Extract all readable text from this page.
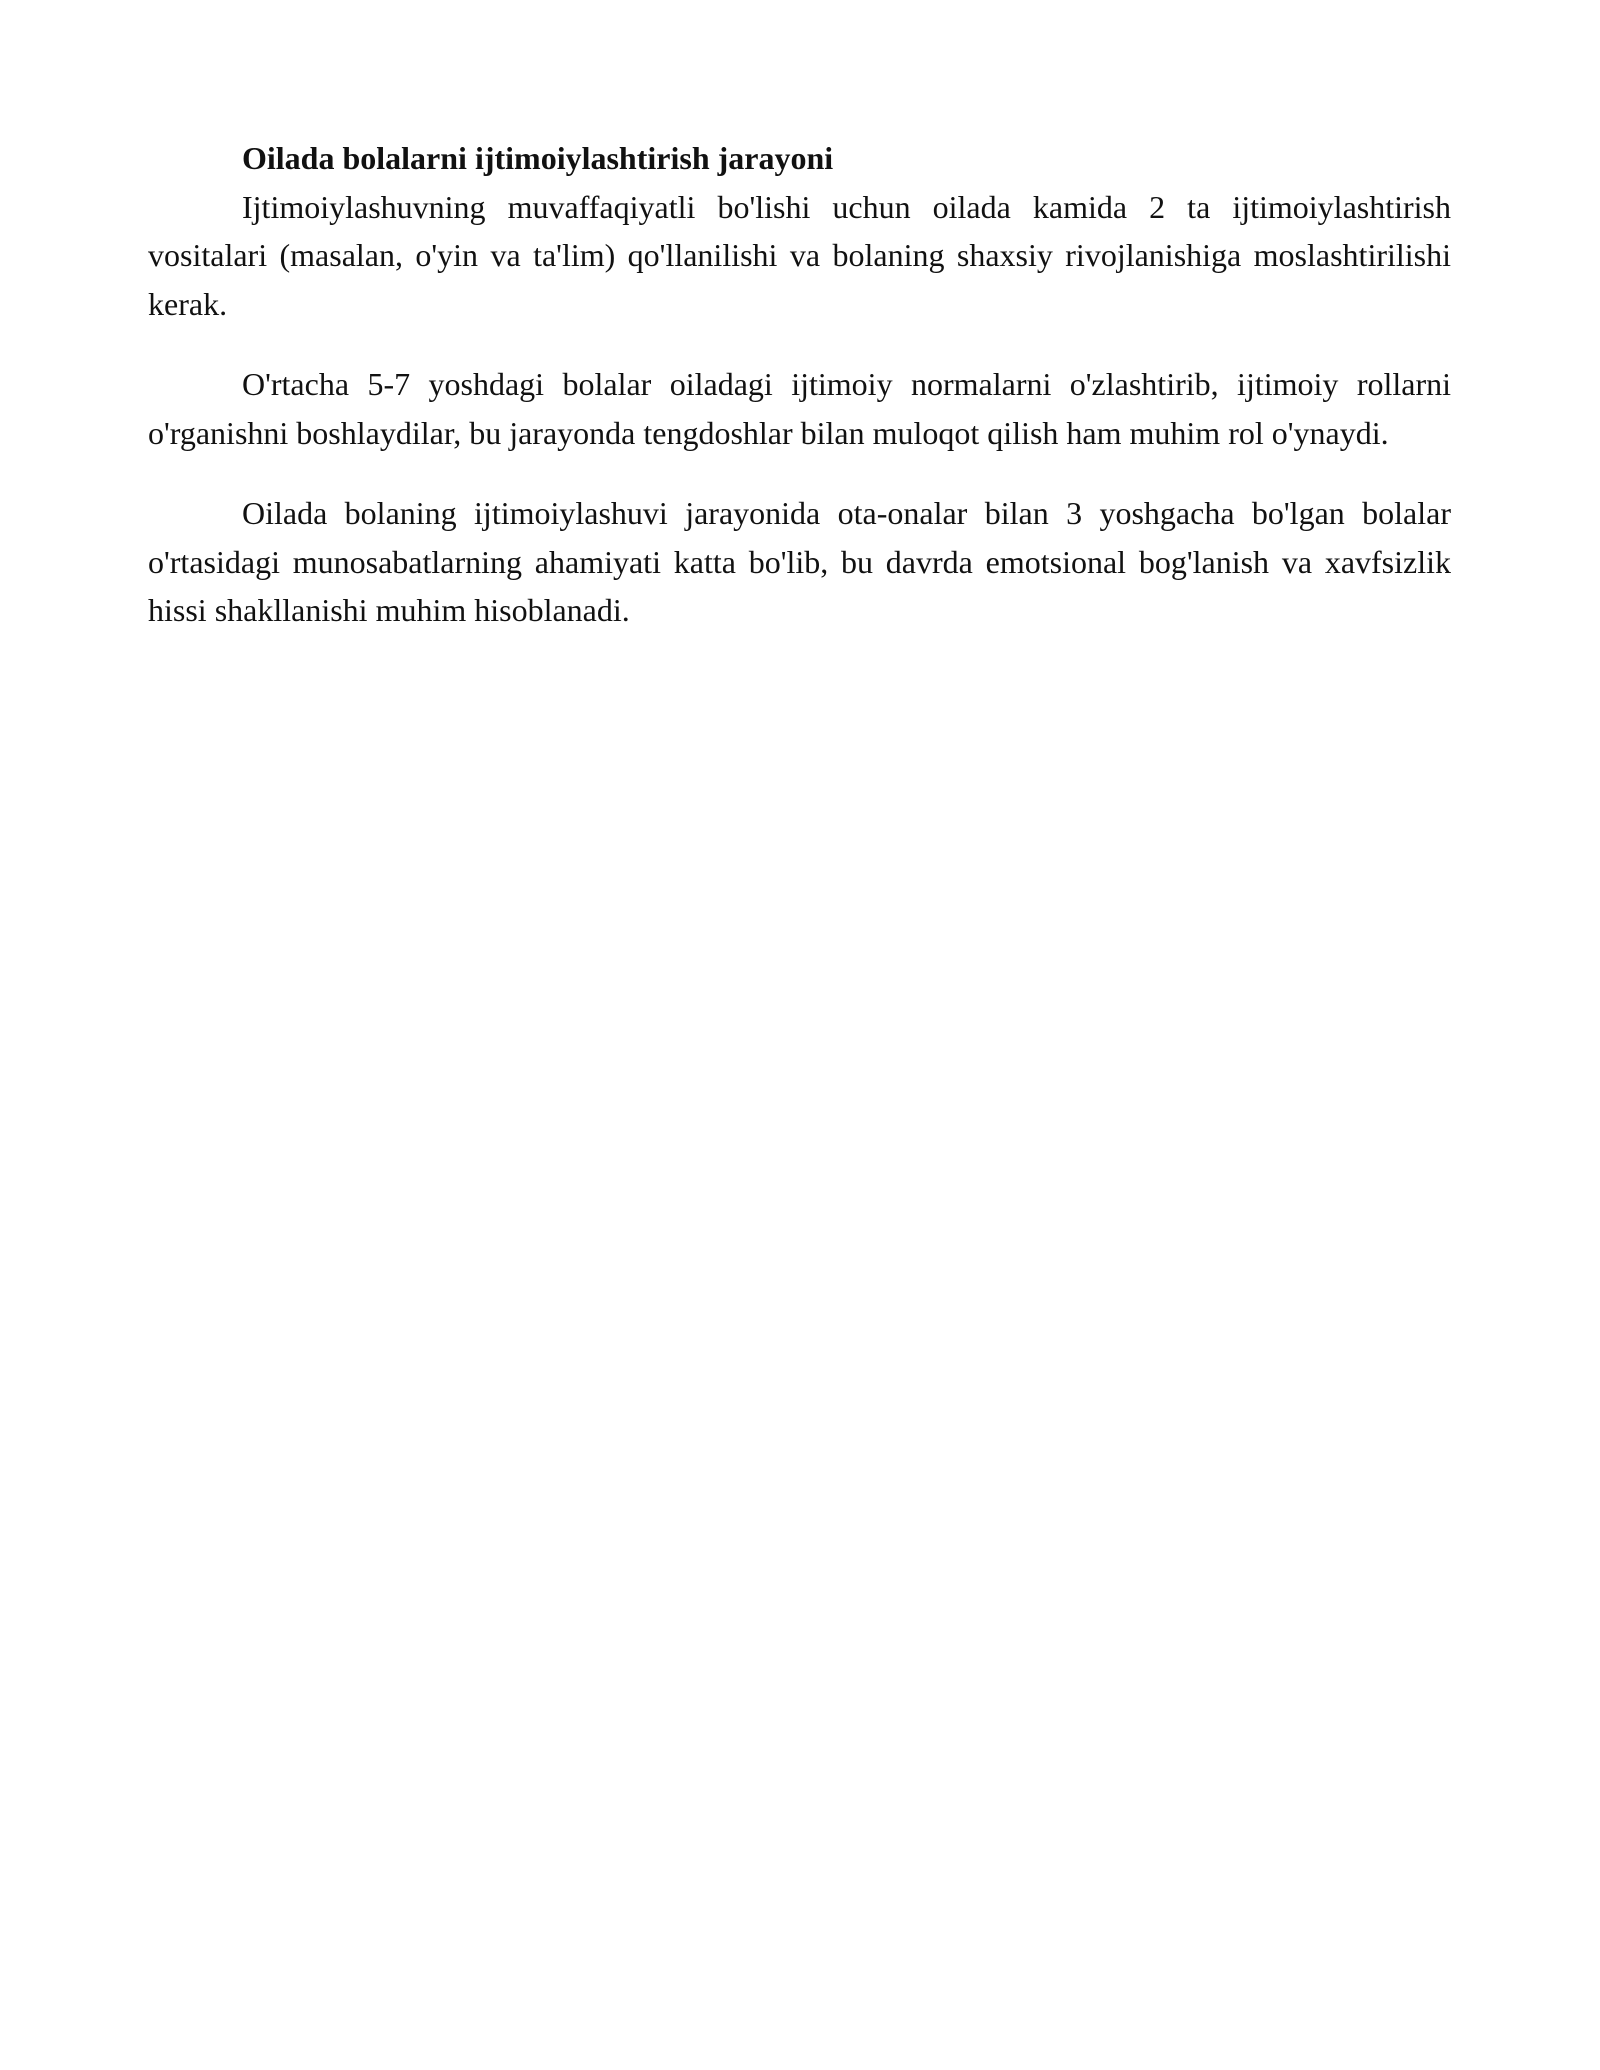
Oilada bolalarni ijtimoiylashtirish jarayoni

Ijtimoiylashuvning muvaffaqiyatli bo'lishi uchun oilada kamida 2 ta ijtimoiylashtirish vositalari (masalan, o'yin va ta'lim) qo'llanilishi va bolaning shaxsiy rivojlanishiga moslashtirilishi kerak.

O'rtacha 5-7 yoshdagi bolalar oiladagi ijtimoiy normalarni o'zlashtirib, ijtimoiy rollarni o'rganishni boshlaydilar, bu jarayonda tengdoshlar bilan muloqot qilish ham muhim rol o'ynaydi.

Oilada bolaning ijtimoiylashuvi jarayonida ota-onalar bilan 3 yoshgacha bo'lgan bolalar o'rtasidagi munosabatlarning ahamiyati katta bo'lib, bu davrda emotsional bog'lanish va xavfsizlik hissi shakllanishi muhim hisoblanadi.
